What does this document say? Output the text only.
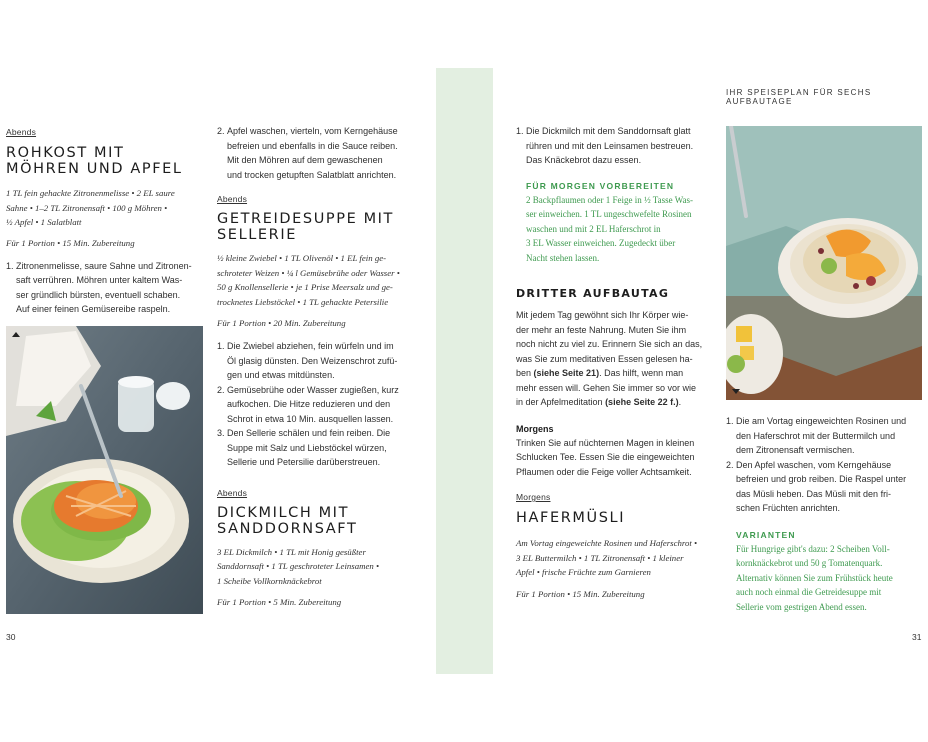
IHR SPEISEPLAN FÜR SECHS AUFBAUTAGE
30	31
Abends
ROHKOST MIT
MÖHREN UND APFEL
1 TL fein gehackte Zitronenmelisse • 2 EL saure
Sahne • 1–2 TL Zitronensaft • 100 g Möhren •
½ Apfel • 1 Salatblatt
Für 1 Portion • 15 Min. Zubereitung
1. Zitronenmelisse, saure Sahne und Zitronen-
saft verrühren. Möhren unter kaltem Was-
ser gründlich bürsten, eventuell schaben.
Auf einer feinen Gemüsereibe raspeln.
2. Apfel waschen, vierteln, vom Kerngehäuse
befreien und ebenfalls in die Sauce reiben.
Mit den Möhren auf dem gewaschenen
und trocken getupften Salatblatt anrichten.
Abends
GETREIDESUPPE MIT
SELLERIE
½ kleine Zwiebel • 1 TL Olivenöl • 1 EL fein ge-
schroteter Weizen • ¼ l Gemüsebrühe oder Wasser •
50 g Knollensellerie • je 1 Prise Meersalz und ge-
trocknetes Liebstöckel • 1 TL gehackte Petersilie
Für 1 Portion • 20 Min. Zubereitung
1. Die Zwiebel abziehen, fein würfeln und im
Öl glasig dünsten. Den Weizenschrot zufü-
gen und etwas mitdünsten.
2. Gemüsebrühe oder Wasser zugießen, kurz
aufkochen. Die Hitze reduzieren und den
Schrot in etwa 10 Min. ausquellen lassen.
3. Den Sellerie schälen und fein reiben. Die
Suppe mit Salz und Liebstöckel würzen,
Sellerie und Petersilie darüberstreuen.
Abends
DICKMILCH MIT
SANDDORNSAFT
3 EL Dickmilch • 1 TL mit Honig gesüßter
Sanddornsaft • 1 TL geschroteter Leinsamen •
1 Scheibe Vollkornknäckebrot
Für 1 Portion • 5 Min. Zubereitung
1. Die Dickmilch mit dem Sanddornsaft glatt
rühren und mit den Leinsamen bestreuen.
Das Knäckebrot dazu essen.
FÜR MORGEN VORBEREITEN
2 Backpflaumen oder 1 Feige in ½ Tasse Was-
ser einweichen. 1 TL ungeschwefelte Rosinen
waschen und mit 2 EL Haferschrot in
3 EL Wasser einweichen. Zugedeckt über
Nacht stehen lassen.
DRITTER AUFBAUTAG
Mit jedem Tag gewöhnt sich Ihr Körper wie-
der mehr an feste Nahrung. Muten Sie ihm
noch nicht zu viel zu. Erinnern Sie sich an das,
was Sie zum meditativen Essen gelesen ha-
ben (siehe Seite 21). Das hilft, wenn man
mehr essen will. Gehen Sie immer so vor wie
in der Apfelmeditation (siehe Seite 22 f.).
Morgens
Trinken Sie auf nüchternen Magen in kleinen
Schlucken Tee. Essen Sie die eingeweichten
Pflaumen oder die Feige voller Achtsamkeit.
Morgens
HAFERMÜSLI
Am Vortag eingeweichte Rosinen und Haferschrot •
3 EL Buttermilch • 1 TL Zitronensaft • 1 kleiner
Apfel • frische Früchte zum Garnieren
Für 1 Portion • 15 Min. Zubereitung
1. Die am Vortag eingeweichten Rosinen und
den Haferschrot mit der Buttermilch und
dem Zitronensaft vermischen.
2. Den Apfel waschen, vom Kerngehäuse
befreien und grob reiben. Die Raspel unter
das Müsli heben. Das Müsli mit den fri-
schen Früchten anrichten.
VARIANTEN
Für Hungrige gibt's dazu: 2 Scheiben Voll-
kornknäckebrot und 50 g Tomatenquark.
Alternativ können Sie zum Frühstück heute
auch noch einmal die Getreidesuppe mit
Sellerie vom gestrigen Abend essen.
